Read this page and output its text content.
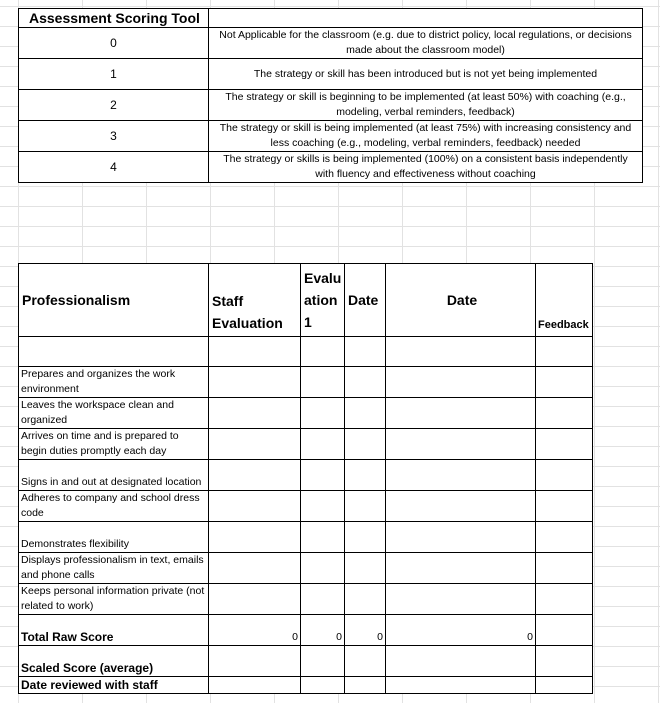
Assessment Scoring Tool	
0	Not Applicable for the classroom (e.g. due to district policy, local regulations, or decisions made about the classroom model)
1	The strategy or skill has been introduced but is not yet being implemented
2	The strategy or skill is beginning to be implemented (at least 50%) with coaching (e.g., modeling, verbal reminders, feedback)
3	The strategy or skill is being implemented (at least 75%) with increasing consistency and less coaching (e.g., modeling, verbal reminders, feedback) needed
4	The strategy or skills is being implemented (100%) on a consistent basis independently with fluency and effectiveness without coaching
Professionalism	Staff Evaluation	Evaluation 1	Date	Date	Feedback

Prepares and organizes the work environment					
Leaves the workspace clean and organized					
Arrives on time and is prepared to begin duties promptly each day					
Signs in and out at designated location					
Adheres to company and school dress code					
Demonstrates flexibility					
Displays professionalism in text, emails and phone calls					
Keeps personal information private (not related to work)					
Total Raw Score	0	0	0	0	
Scaled Score (average)					
Date reviewed with staff					
